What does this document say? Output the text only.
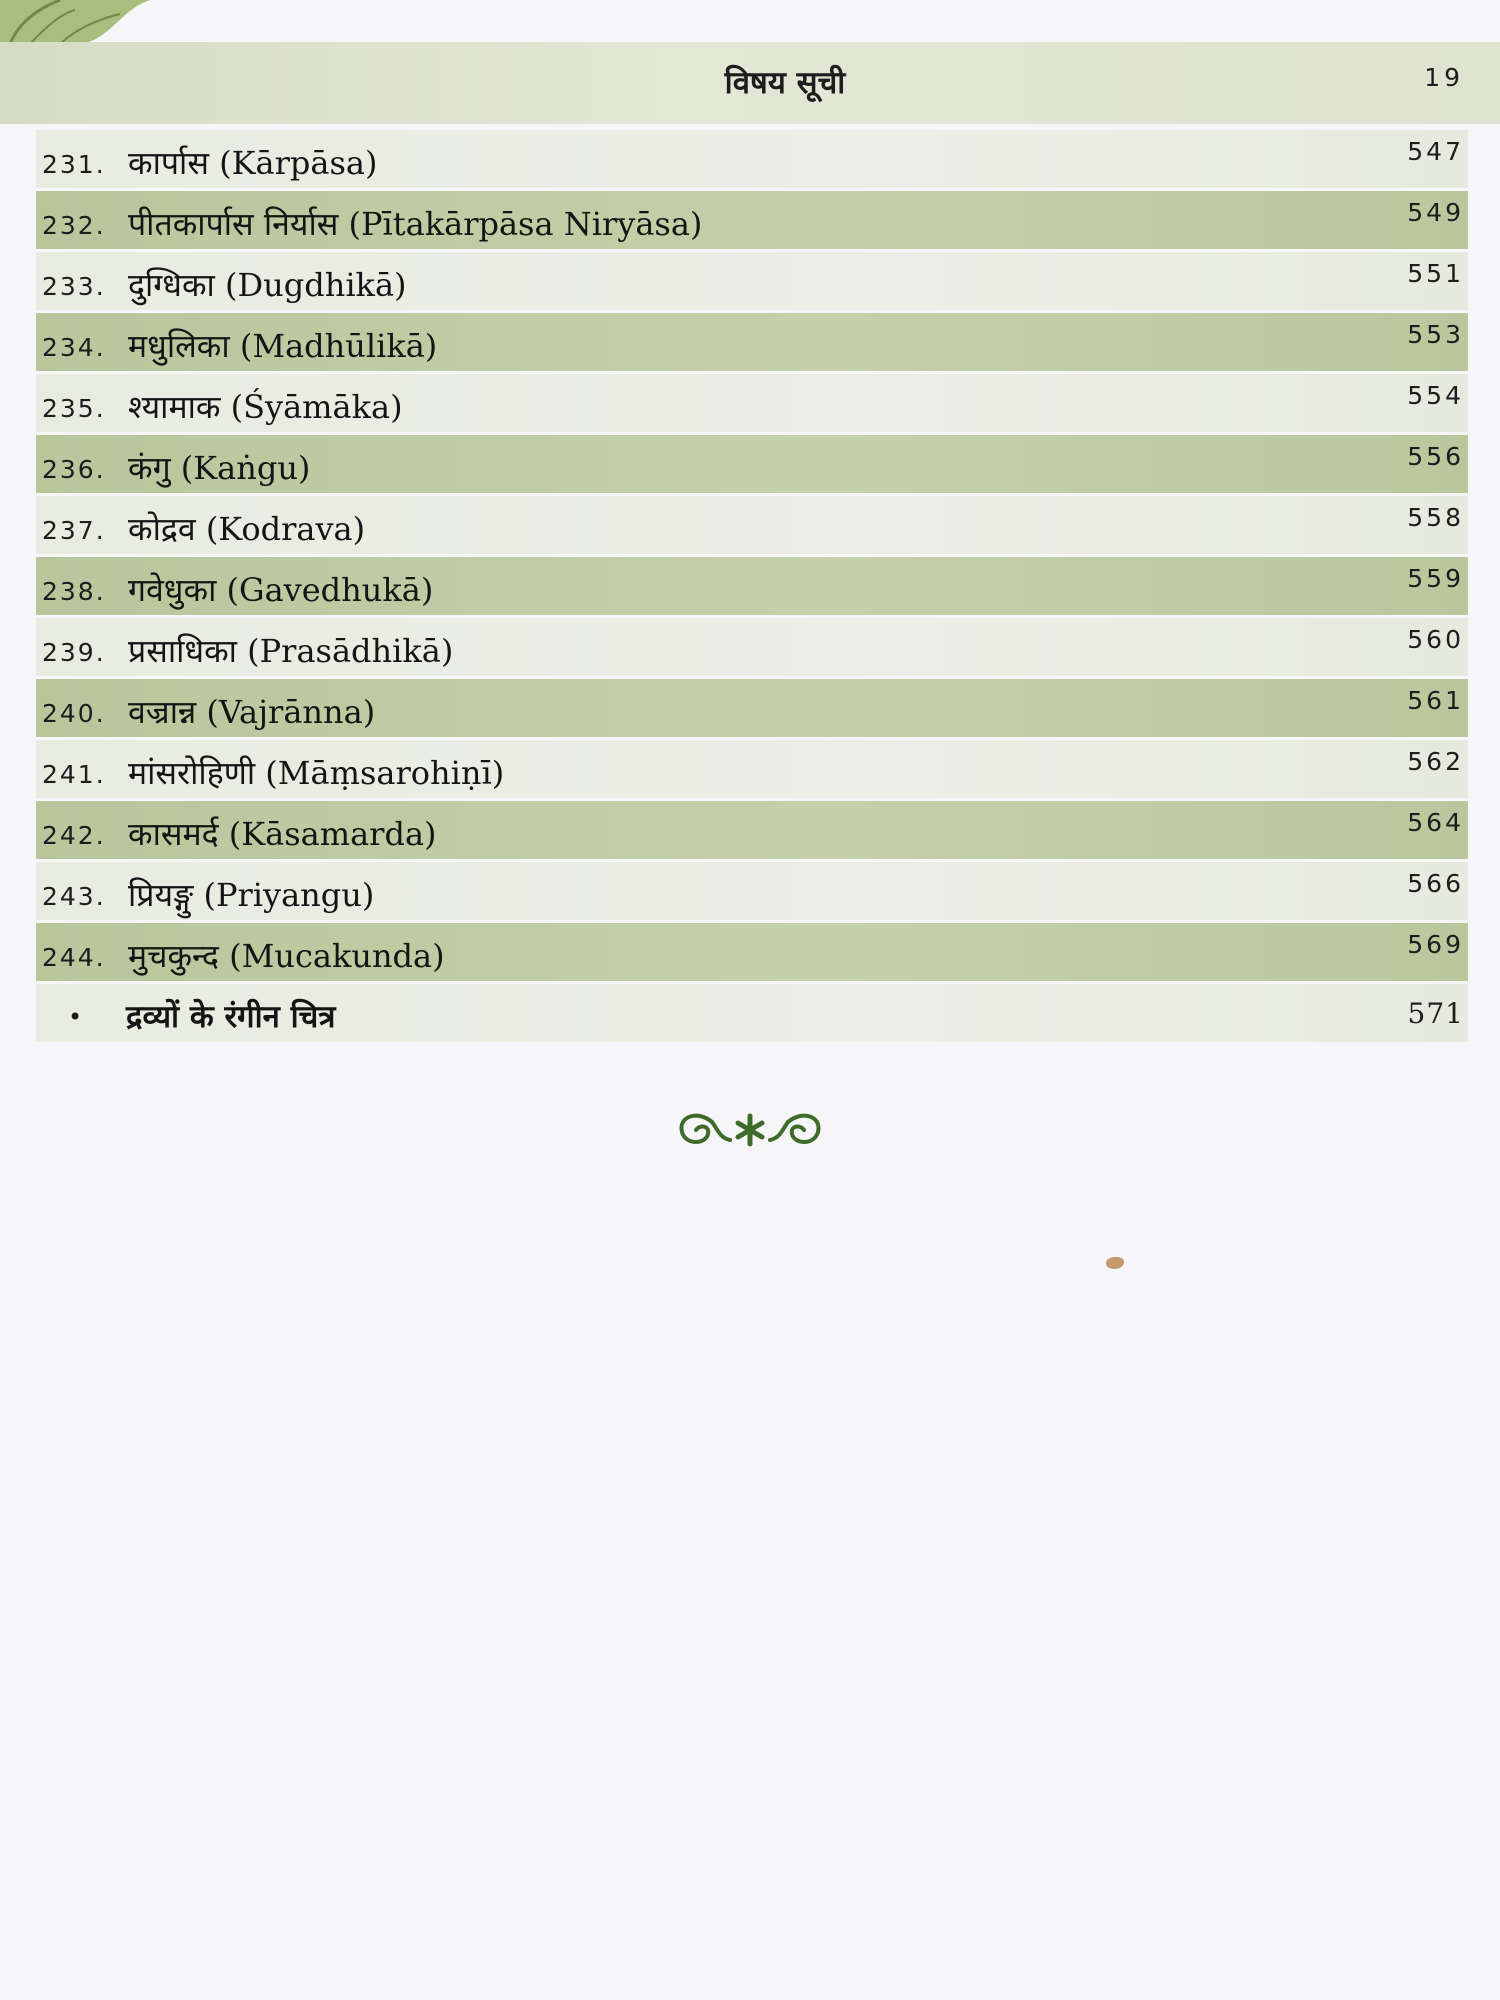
विषय सूची	19
231. कार्पास (Kārpāsa)	547
232. पीतकार्पास निर्यास (Pītakārpāsa Niryāsa)	549
233. दुग्धिका (Dugdhikā)	551
234. मधुलिका (Madhūlikā)	553
235. श्यामाक (Śyāmāka)	554
236. कंगु (Kaṅgu)	556
237. कोद्रव (Kodrava)	558
238. गवेधुका (Gavedhukā)	559
239. प्रसाधिका (Prasādhikā)	560
240. वज्रान्न (Vajrānna)	561
241. मांसरोहिणी (Māṃsarohiṇī)	562
242. कासमर्द (Kāsamarda)	564
243. प्रियङ्गु (Priyangu)	566
244. मुचकुन्द (Mucakunda)	569
• द्रव्यों के रंगीन चित्र	571
